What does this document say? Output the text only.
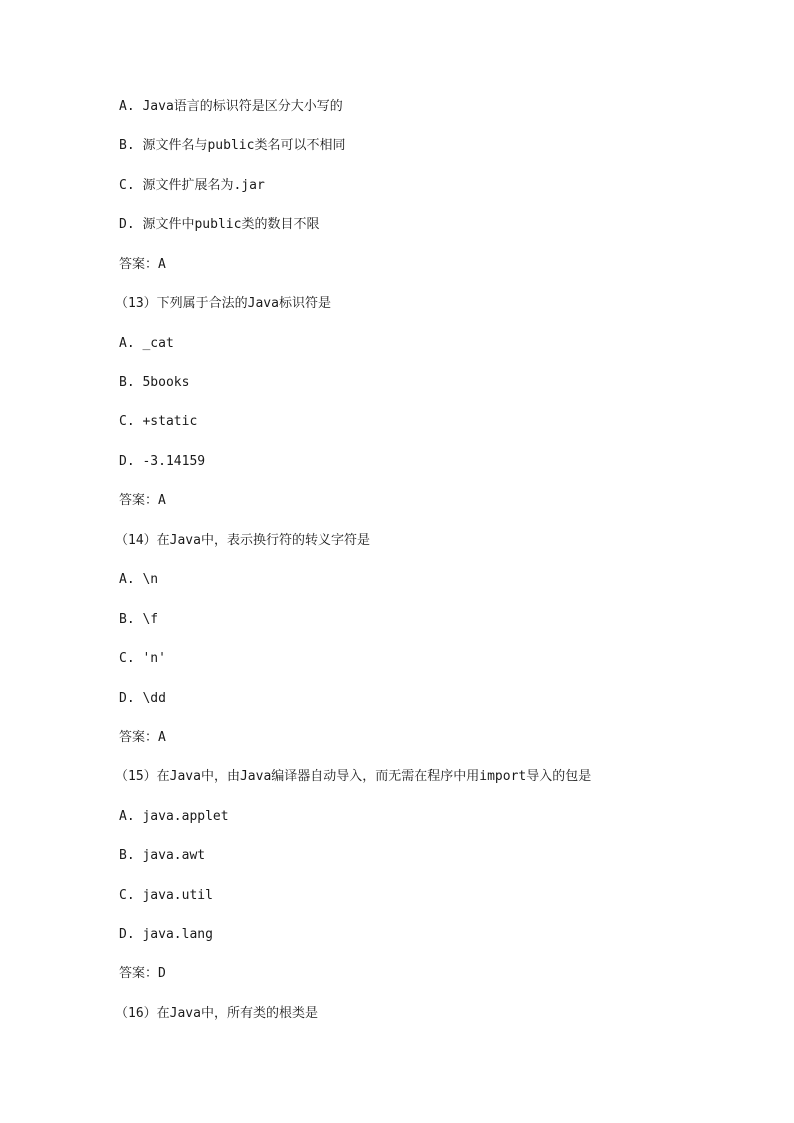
A. Java语言的标识符是区分大小写的
B. 源文件名与public类名可以不相同
C. 源文件扩展名为.jar
D. 源文件中public类的数目不限
答案：A
（13）下列属于合法的Java标识符是
A. _cat
B. 5books
C. +static
D. -3.14159
答案：A
（14）在Java中，表示换行符的转义字符是
A. \n
B. \f
C. 'n'
D. \dd
答案：A
（15）在Java中，由Java编译器自动导入，而无需在程序中用import导入的包是
A. java.applet
B. java.awt
C. java.util
D. java.lang
答案：D
（16）在Java中，所有类的根类是
